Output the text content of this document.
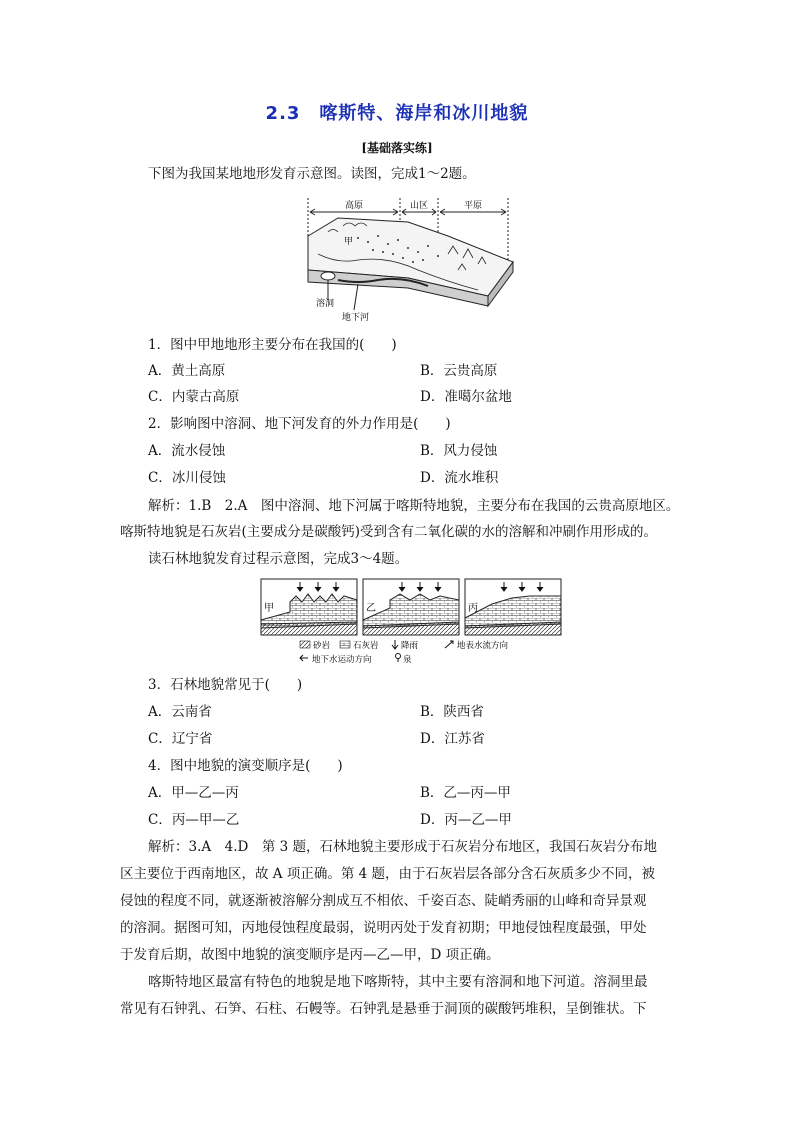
2.3　喀斯特、海岸和冰川地貌
[基础落实练]
下图为我国某地地形发育示意图。读图，完成1～2题。
高原	山区	平原
甲
溶洞
地下河
1．图中甲地地形主要分布在我国的(　　)
A．黄土高原	B．云贵高原
C．内蒙古高原	D．准噶尔盆地
2．影响图中溶洞、地下河发育的外力作用是(　　)
A．流水侵蚀	B．风力侵蚀
C．冰川侵蚀	D．流水堆积
解析：1.B　2.A　图中溶洞、地下河属于喀斯特地貌，主要分布在我国的云贵高原地区。
喀斯特地貌是石灰岩(主要成分是碳酸钙)受到含有二氧化碳的水的溶解和冲刷作用形成的。
读石林地貌发育过程示意图，完成3～4题。
甲	乙	丙
砂岩	石灰岩	降雨	地表水流方向
地下水运动方向	泉
3．石林地貌常见于(　　)
A．云南省	B．陕西省
C．辽宁省	D．江苏省
4．图中地貌的演变顺序是(　　)
A．甲—乙—丙	B．乙—丙—甲
C．丙—甲—乙	D．丙—乙—甲
解析：3.A　4.D　第 3 题，石林地貌主要形成于石灰岩分布地区，我国石灰岩分布地
区主要位于西南地区，故 A 项正确。第 4 题，由于石灰岩层各部分含石灰质多少不同，被
侵蚀的程度不同，就逐渐被溶解分割成互不相依、千姿百态、陡峭秀丽的山峰和奇异景观
的溶洞。据图可知，丙地侵蚀程度最弱，说明丙处于发育初期；甲地侵蚀程度最强，甲处
于发育后期，故图中地貌的演变顺序是丙—乙—甲，D 项正确。
喀斯特地区最富有特色的地貌是地下喀斯特，其中主要有溶洞和地下河道。溶洞里最
常见有石钟乳、石笋、石柱、石幔等。石钟乳是悬垂于洞顶的碳酸钙堆积，呈倒锥状。下
